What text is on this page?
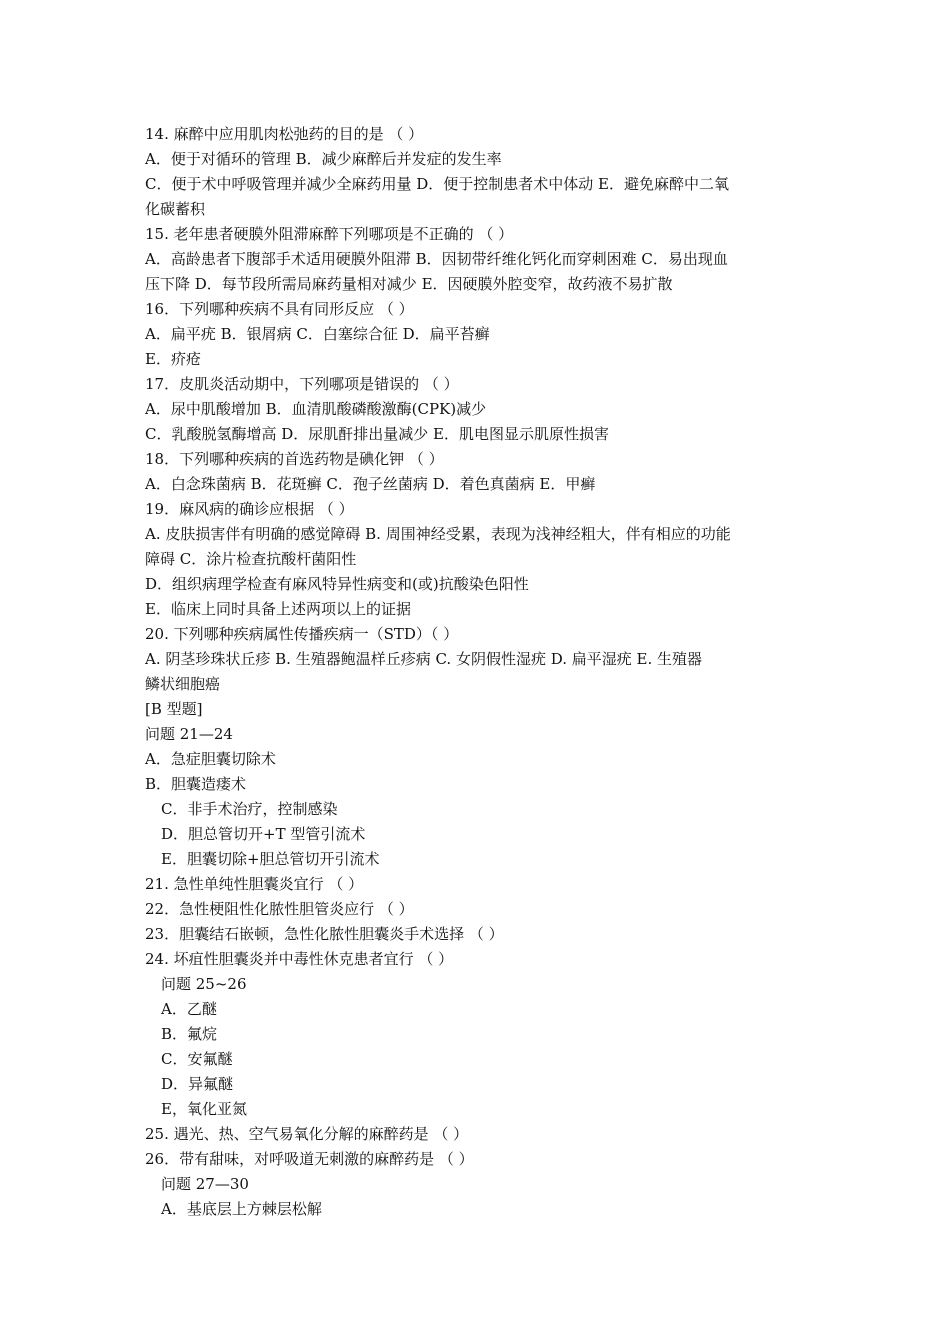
14. 麻醉中应用肌肉松弛药的目的是 （ ）
A．便于对循环的管理 B．减少麻醉后并发症的发生率
C．便于术中呼吸管理并减少全麻药用量 D．便于控制患者术中体动 E．避免麻醉中二氧
化碳蓄积
15. 老年患者硬膜外阻滞麻醉下列哪项是不正确的 （ ）
A．高龄患者下腹部手术适用硬膜外阻滞 B．因韧带纤维化钙化而穿刺困难 C．易出现血
压下降 D．每节段所需局麻药量相对减少 E．因硬膜外腔变窄，故药液不易扩散
16．下列哪种疾病不具有同形反应 （ ）
A．扁平疣 B．银屑病 C．白塞综合征 D．扁平苔癣
E．疥疮
17．皮肌炎活动期中，下列哪项是错误的 （ ）
A．尿中肌酸增加 B．血清肌酸磷酸激酶(CPK)减少
C．乳酸脱氢酶增高 D．尿肌酐排出量减少 E．肌电图显示肌原性损害
18．下列哪种疾病的首选药物是碘化钾 （ ）
A．白念珠菌病 B．花斑癣 C．孢子丝菌病 D．着色真菌病 E．甲癣
19．麻风病的确诊应根据 （ ）
A. 皮肤损害伴有明确的感觉障碍 B. 周围神经受累，表现为浅神经粗大，伴有相应的功能
障碍 C．涂片检查抗酸杆菌阳性
D．组织病理学检查有麻风特异性病变和(或)抗酸染色阳性
E．临床上同时具备上述两项以上的证据
20. 下列哪种疾病属性传播疾病一（STD）（ ）
A. 阴茎珍珠状丘疹 B. 生殖器鲍温样丘疹病 C. 女阴假性湿疣 D. 扁平湿疣 E. 生殖器
鳞状细胞癌
[B 型题]
问题 21—24
A．急症胆囊切除术
B．胆囊造瘘术
C．非手术治疗，控制感染
D．胆总管切开+T 型管引流术
E．胆囊切除+胆总管切开引流术
21. 急性单纯性胆囊炎宜行 （ ）
22．急性梗阻性化脓性胆管炎应行 （ ）
23．胆囊结石嵌顿，急性化脓性胆囊炎手术选择 （ ）
24. 坏疽性胆囊炎并中毒性休克患者宜行 （ ）
问题 25~26
A．乙醚
B．氟烷
C．安氟醚
D．异氟醚
E，氧化亚氮
25. 遇光、热、空气易氧化分解的麻醉药是 （ ）
26．带有甜味，对呼吸道无刺激的麻醉药是 （ ）
问题 27—30
A．基底层上方棘层松解
